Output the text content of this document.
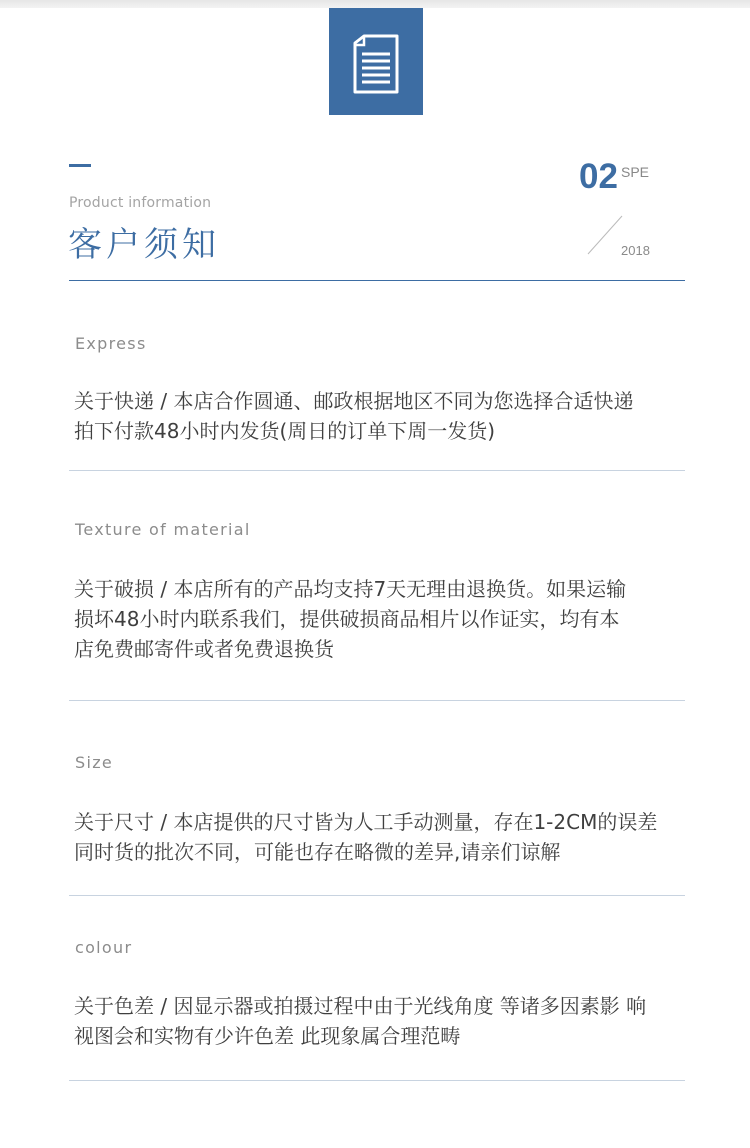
Product information
客户须知
02 SPE
2018
Express
关于快递 / 本店合作圆通、邮政根据地区不同为您选择合适快递
拍下付款48小时内发货(周日的订单下周一发货)
Texture of material
关于破损 / 本店所有的产品均支持7天无理由退换货。如果运输
损坏48小时内联系我们，提供破损商品相片以作证实，均有本
店免费邮寄件或者免费退换货
Size
关于尺寸 / 本店提供的尺寸皆为人工手动测量，存在1-2CM的误差
同时货的批次不同，可能也存在略微的差异,请亲们谅解
colour
关于色差 / 因显示器或拍摄过程中由于光线角度 等诸多因素影 响
视图会和实物有少许色差 此现象属合理范畴
